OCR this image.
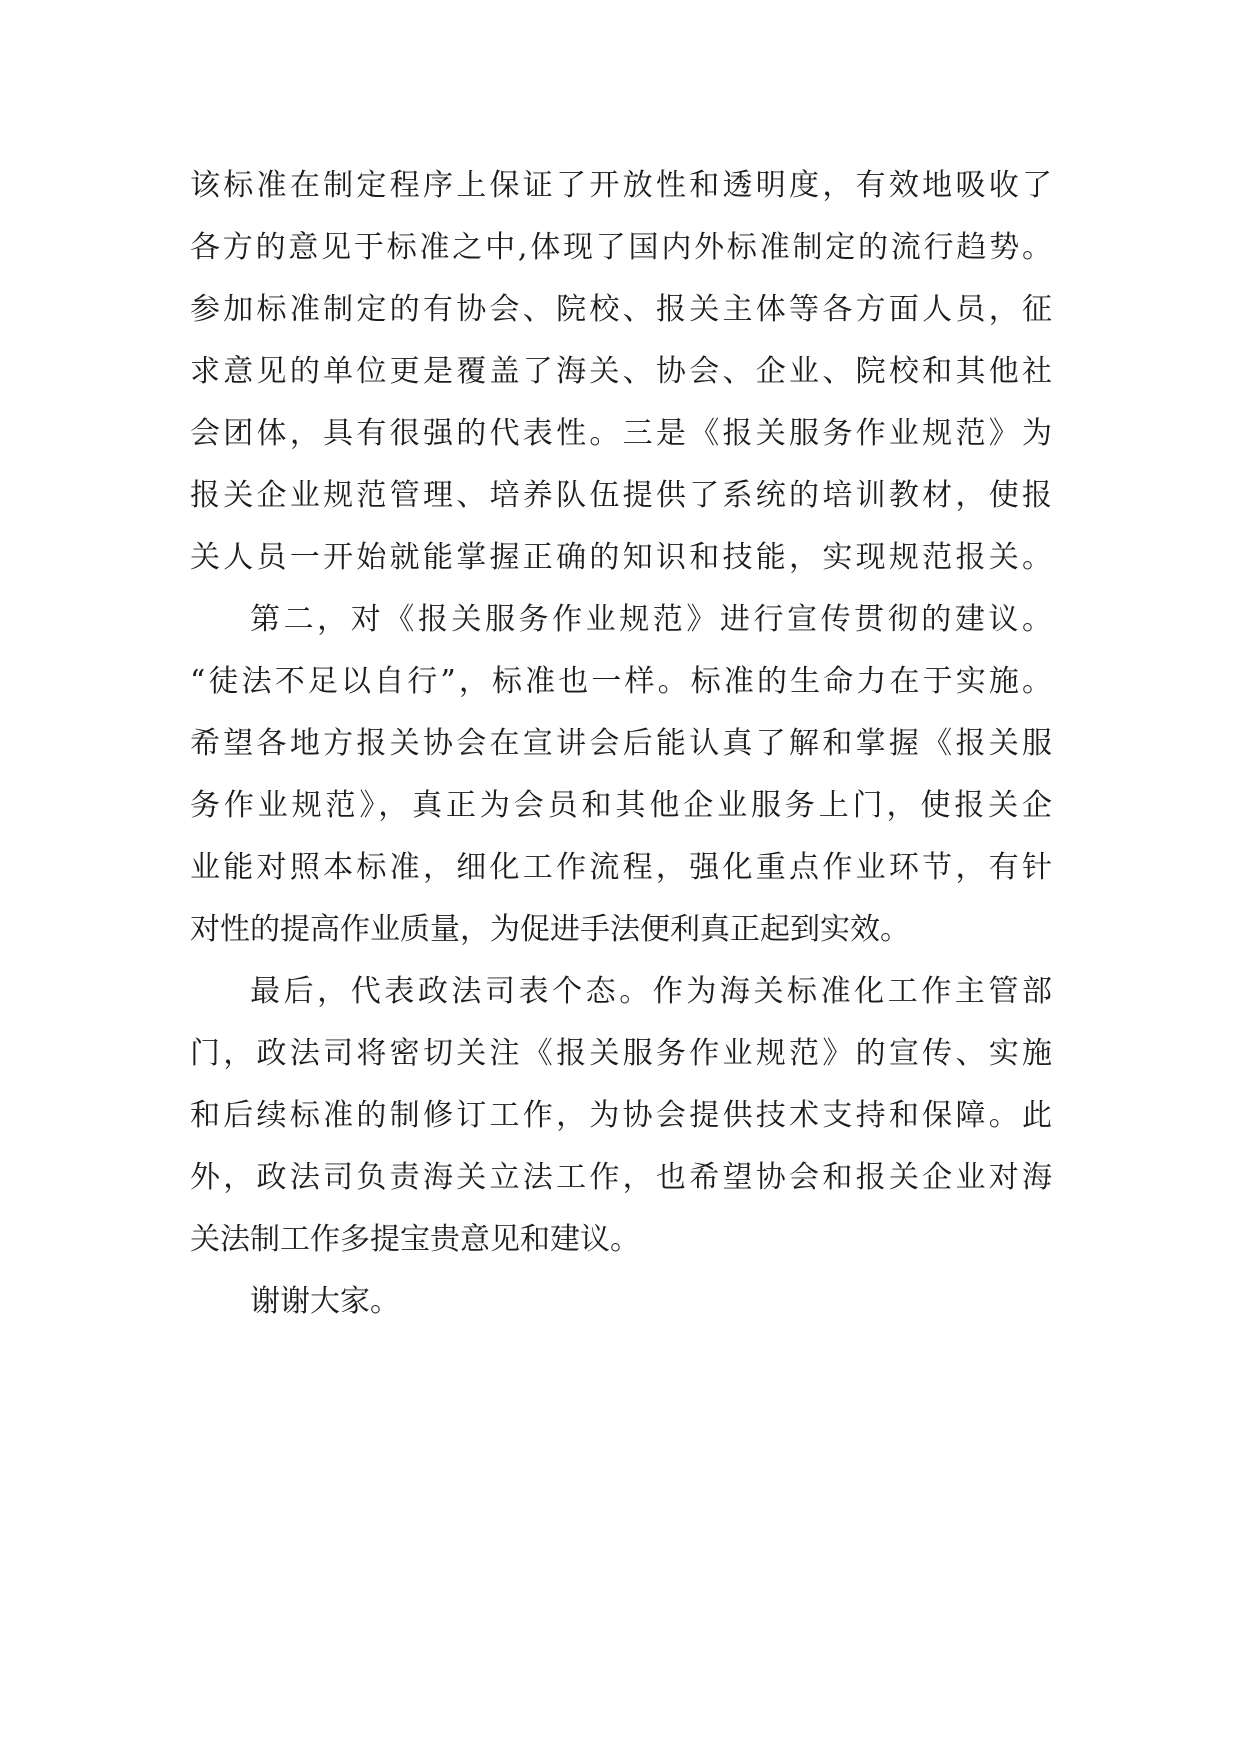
该标准在制定程序上保证了开放性和透明度，有效地吸收了
各方的意见于标准之中,体现了国内外标准制定的流行趋势。
参加标准制定的有协会、院校、报关主体等各方面人员，征
求意见的单位更是覆盖了海关、协会、企业、院校和其他社
会团体，具有很强的代表性。三是《报关服务作业规范》为
报关企业规范管理、培养队伍提供了系统的培训教材，使报
关人员一开始就能掌握正确的知识和技能，实现规范报关。
第二，对《报关服务作业规范》进行宣传贯彻的建议。
“徒法不足以自行”，标准也一样。标准的生命力在于实施。
希望各地方报关协会在宣讲会后能认真了解和掌握《报关服
务作业规范》，真正为会员和其他企业服务上门，使报关企
业能对照本标准，细化工作流程，强化重点作业环节，有针
对性的提高作业质量，为促进手法便利真正起到实效。
最后，代表政法司表个态。作为海关标准化工作主管部
门，政法司将密切关注《报关服务作业规范》的宣传、实施
和后续标准的制修订工作，为协会提供技术支持和保障。此
外，政法司负责海关立法工作，也希望协会和报关企业对海
关法制工作多提宝贵意见和建议。
谢谢大家。
